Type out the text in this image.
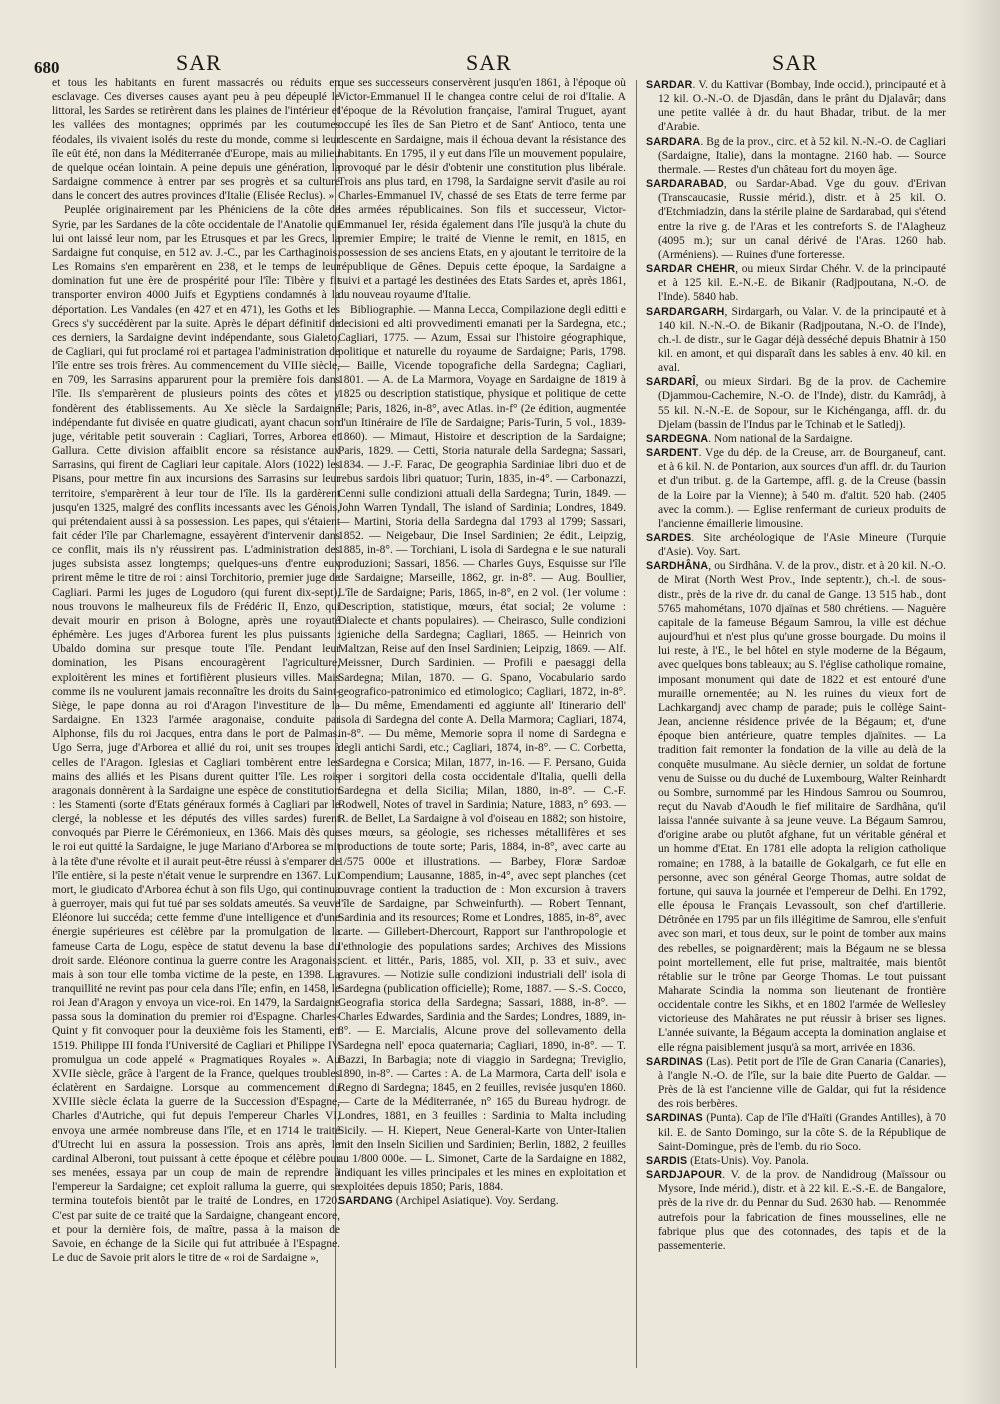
680	SAR	SAR	SAR

et tous les habitants en furent massacrés ou réduits en esclavage. Ces diverses causes ayant peu à peu dépeuplé le littoral, les Sardes se retirèrent dans les plaines de l'intérieur et les vallées des montagnes; opprimés par les coutumes féodales, ils vivaient isolés du reste du monde, comme si leur île eût été, non dans la Méditerranée d'Europe, mais au milieu de quelque océan lointain. A peine depuis une génération, la Sardaigne commence à entrer par ses progrès et sa culture dans le concert des autres provinces d'Italie (Elisée Reclus). »

Peuplée originairement par les Phéniciens de la côte de Syrie, par les Sardanes de la côte occidentale de l'Anatolie qui lui ont laissé leur nom, par les Etrusques et par les Grecs, la Sardaigne fut conquise, en 512 av. J.-C., par les Carthaginois. Les Romains s'en emparèrent en 238, et le temps de leur domination fut une ère de prospérité pour l'île: Tibère y fit transporter environ 4000 Juifs et Egyptiens condamnés à la déportation. Les Vandales (en 427 et en 471), les Goths et les Grecs s'y succédèrent par la suite. Après le départ définitif de ces derniers, la Sardaigne devint indépendante, sous Gialeto, de Cagliari, qui fut proclamé roi et partagea l'administration de l'île entre ses trois frères. Au commencement du VIIIe siècle, en 709, les Sarrasins apparurent pour la première fois dans l'île. Ils s'emparèrent de plusieurs points des côtes et y fondèrent des établissements. Au Xe siècle la Sardaigne indépendante fut divisée en quatre giudicati, ayant chacun son juge, véritable petit souverain : Cagliari, Torres, Arborea et Gallura. Cette division affaiblit encore sa résistance aux Sarrasins, qui firent de Cagliari leur capitale. Alors (1022) les Pisans, pour mettre fin aux incursions des Sarrasins sur leur territoire, s'emparèrent à leur tour de l'île. Ils la gardèrent jusqu'en 1325, malgré des conflits incessants avec les Génois, qui prétendaient aussi à sa possession. Les papes, qui s'étaient fait céder l'île par Charlemagne, essayèrent d'intervenir dans ce conflit, mais ils n'y réussirent pas. L'administration des juges subsista assez longtemps; quelques-uns d'entre eux prirent même le titre de roi : ainsi Torchitorio, premier juge de Cagliari. Parmi les juges de Logudoro (qui furent dix-sept), nous trouvons le malheureux fils de Frédéric II, Enzo, qui devait mourir en prison à Bologne, après une royauté éphémère. Les juges d'Arborea furent les plus puissants : Ubaldo domina sur presque toute l'île. Pendant leur domination, les Pisans encouragèrent l'agriculture, exploitèrent les mines et fortifièrent plusieurs villes. Mais comme ils ne voulurent jamais reconnaître les droits du Saint-Siège, le pape donna au roi d'Aragon l'investiture de la Sardaigne. En 1323 l'armée aragonaise, conduite par Alphonse, fils du roi Jacques, entra dans le port de Palmas. Ugo Serra, juge d'Arborea et allié du roi, unit ses troupes à celles de l'Aragon. Iglesias et Cagliari tombèrent entre les mains des alliés et les Pisans durent quitter l'île. Les rois aragonais donnèrent à la Sardaigne une espèce de constitution : les Stamenti (sorte d'Etats généraux formés à Cagliari par le clergé, la noblesse et les députés des villes sardes) furent convoqués par Pierre le Cérémonieux, en 1366. Mais dès que le roi eut quitté la Sardaigne, le juge Mariano d'Arborea se mit à la tête d'une révolte et il aurait peut-être réussi à s'emparer de l'île entière, si la peste n'était venue le surprendre en 1367. Lui mort, le giudicato d'Arborea échut à son fils Ugo, qui continua à guerroyer, mais qui fut tué par ses soldats ameutés. Sa veuve Eléonore lui succéda; cette femme d'une intelligence et d'une énergie supérieures est célèbre par la promulgation de la fameuse Carta de Logu, espèce de statut devenu la base du droit sarde. Eléonore continua la guerre contre les Aragonais; mais à son tour elle tomba victime de la peste, en 1398. La tranquillité ne revint pas pour cela dans l'île; enfin, en 1458, le roi Jean d'Aragon y envoya un vice-roi. En 1479, la Sardaigne passa sous la domination du premier roi d'Espagne. Charles-Quint y fit convoquer pour la deuxième fois les Stamenti, en 1519. Philippe III fonda l'Université de Cagliari et Philippe IV promulgua un code appelé « Pragmatiques Royales ». Au XVIIe siècle, grâce à l'argent de la France, quelques troubles éclatèrent en Sardaigne. Lorsque au commencement du XVIIIe siècle éclata la guerre de la Succession d'Espagne, Charles d'Autriche, qui fut depuis l'empereur Charles VI, envoya une armée nombreuse dans l'île, et en 1714 le traité d'Utrecht lui en assura la possession. Trois ans après, le cardinal Alberoni, tout puissant à cette époque et célèbre pour ses menées, essaya par un coup de main de reprendre à l'empereur la Sardaigne; cet exploit ralluma la guerre, qui se termina toutefois bientôt par le traité de Londres, en 1720. C'est par suite de ce traité que la Sardaigne, changeant encore, et pour la dernière fois, de maître, passa à la maison de Savoie, en échange de la Sicile qui fut attribuée à l'Espagne. Le duc de Savoie prit alors le titre de « roi de Sardaigne »,

que ses successeurs conservèrent jusqu'en 1861, à l'époque où Victor-Emmanuel II le changea contre celui de roi d'Italie. A l'époque de la Révolution française, l'amiral Truguet, ayant occupé les îles de San Pietro et de Sant' Antioco, tenta une descente en Sardaigne, mais il échoua devant la résistance des habitants. En 1795, il y eut dans l'île un mouvement populaire, provoqué par le désir d'obtenir une constitution plus libérale. Trois ans plus tard, en 1798, la Sardaigne servit d'asile au roi Charles-Emmanuel IV, chassé de ses Etats de terre ferme par les armées républicaines. Son fils et successeur, Victor-Emmanuel Ier, résida également dans l'île jusqu'à la chute du premier Empire; le traité de Vienne le remit, en 1815, en possession de ses anciens Etats, en y ajoutant le territoire de la république de Gênes. Depuis cette époque, la Sardaigne a suivi et a partagé les destinées des Etats Sardes et, après 1861, du nouveau royaume d'Italie.

Bibliographie. — Manna Lecca, Compilazione degli editti e decisioni ed alti provvedimenti emanati per la Sardegna, etc.; Cagliari, 1775. — Azum, Essai sur l'histoire géographique, politique et naturelle du royaume de Sardaigne; Paris, 1798. — Baille, Vicende topografiche della Sardegna; Cagliari, 1801. — A. de La Marmora, Voyage en Sardaigne de 1819 à 1825 ou description statistique, physique et politique de cette île; Paris, 1826, in-8°, avec Atlas. in-f° (2e édition, augmentée d'un Itinéraire de l'île de Sardaigne; Paris-Turin, 5 vol., 1839-1860). — Mimaut, Histoire et description de la Sardaigne; Paris, 1829. — Cetti, Storia naturale della Sardegna; Sassari, 1834. — J.-F. Farac, De geographia Sardiniae libri duo et de rebus sardois libri quatuor; Turin, 1835, in-4°. — Carbonazzi, Cenni sulle condizioni attuali della Sardegna; Turin, 1849. — John Warren Tyndall, The island of Sardinia; Londres, 1849. — Martini, Storia della Sardegna dal 1793 al 1799; Sassari, 1852. — Neigebaur, Die Insel Sardinien; 2e édit., Leipzig, 1885, in-8°. — Torchiani, L isola di Sardegna e le sue naturali produzioni; Sassari, 1856. — Charles Guys, Esquisse sur l'île de Sardaigne; Marseille, 1862, gr. in-8°. — Aug. Boullier, L'île de Sardaigne; Paris, 1865, in-8°, en 2 vol. (1er volume : Description, statistique, mœurs, état social; 2e volume : Dialecte et chants populaires). — Cheirasco, Sulle condizioni igieniche della Sardegna; Cagliari, 1865. — Heinrich von Maltzan, Reise auf den Insel Sardinien; Leipzig, 1869. — Alf. Meissner, Durch Sardinien. — Profili e paesaggi della Sardegna; Milan, 1870. — G. Spano, Vocabulario sardo geografico-patronimico ed etimologico; Cagliari, 1872, in-8°. — Du même, Emendamenti ed aggiunte all' Itinerario dell' isola di Sardegna del conte A. Della Marmora; Cagliari, 1874, in-8°. — Du même, Memorie sopra il nome di Sardegna e degli antichi Sardi, etc.; Cagliari, 1874, in-8°. — C. Corbetta, Sardegna e Corsica; Milan, 1877, in-16. — F. Persano, Guida per i sorgitori della costa occidentale d'Italia, quelli della Sardegna et della Sicilia; Milan, 1880, in-8°. — C.-F. Rodwell, Notes of travel in Sardinia; Nature, 1883, n° 693. — R. de Bellet, La Sardaigne à vol d'oiseau en 1882; son histoire, ses mœurs, sa géologie, ses richesses métallifères et ses productions de toute sorte; Paris, 1884, in-8°, avec carte au 1/575 000e et illustrations. — Barbey, Floræ Sardoæ Compendium; Lausanne, 1885, in-4°, avec sept planches (cet ouvrage contient la traduction de : Mon excursion à travers l'île de Sardaigne, par Schweinfurth). — Robert Tennant, Sardinia and its resources; Rome et Londres, 1885, in-8°, avec carte. — Gillebert-Dhercourt, Rapport sur l'anthropologie et l'ethnologie des populations sardes; Archives des Missions scient. et littér., Paris, 1885, vol. XII, p. 33 et suiv., avec gravures. — Notizie sulle condizioni industriali dell' isola di Sardegna (publication officielle); Rome, 1887. — S.-S. Cocco, Geografia storica della Sardegna; Sassari, 1888, in-8°. — Charles Edwardes, Sardinia and the Sardes; Londres, 1889, in-8°. — E. Marcialis, Alcune prove del sollevamento della Sardegna nell' epoca quaternaria; Cagliari, 1890, in-8°. — T. Bazzi, In Barbagia; note di viaggio in Sardegna; Treviglio, 1890, in-8°. — Cartes : A. de La Marmora, Carta dell' isola e Regno di Sardegna; 1845, en 2 feuilles, revisée jusqu'en 1860. — Carte de la Méditerranée, n° 165 du Bureau hydrogr. de Londres, 1881, en 3 feuilles : Sardinia to Malta including Sicily. — H. Kiepert, Neue General-Karte von Unter-Italien mit den Inseln Sicilien und Sardinien; Berlin, 1882, 2 feuilles au 1/800 000e. — L. Simonet, Carte de la Sardaigne en 1882, indiquant les villes principales et les mines en exploitation et exploitées depuis 1850; Paris, 1884.

SARDANG (Archipel Asiatique). Voy. Serdang.

SARDAR. V. du Kattivar (Bombay, Inde occid.), principauté et à 12 kil. O.-N.-O. de Djasdân, dans le prânt du Djalavâr; dans une petite vallée à dr. du haut Bhadar, tribut. de la mer d'Arabie.

SARDARA. Bg de la prov., circ. et à 52 kil. N.-N.-O. de Cagliari (Sardaigne, Italie), dans la montagne. 2160 hab. — Source thermale. — Restes d'un château fort du moyen âge.

SARDARABAD, ou Sardar-Abad. Vge du gouv. d'Erivan (Transcaucasie, Russie mérid.), distr. et à 25 kil. O. d'Etchmiadzin, dans la stérile plaine de Sardarabad, qui s'étend entre la rive g. de l'Aras et les contreforts S. de l'Alagheuz (4095 m.); sur un canal dérivé de l'Aras. 1260 hab. (Arméniens). — Ruines d'une forteresse.

SARDAR CHEHR, ou mieux Sirdar Chéhr. V. de la principauté et à 125 kil. E.-N.-E. de Bikanir (Radjpoutana, N.-O. de l'Inde). 5840 hab.

SARDARGARH, Sirdargarh, ou Valar. V. de la principauté et à 140 kil. N.-N.-O. de Bikanir (Radjpoutana, N.-O. de l'Inde), ch.-l. de distr., sur le Gagar déjà desséché depuis Bhatnir à 150 kil. en amont, et qui disparaît dans les sables à env. 40 kil. en aval.

SARDARÎ, ou mieux Sirdari. Bg de la prov. de Cachemire (Djammou-Cachemire, N.-O. de l'Inde), distr. du Kamrâdj, à 55 kil. N.-N.-E. de Sopour, sur le Kichénganga, affl. dr. du Djelam (bassin de l'Indus par le Tchinab et le Satledj).

SARDEGNA. Nom national de la Sardaigne.

SARDENT. Vge du dép. de la Creuse, arr. de Bourganeuf, cant. et à 6 kil. N. de Pontarion, aux sources d'un affl. dr. du Taurion et d'un tribut. g. de la Gartempe, affl. g. de la Creuse (bassin de la Loire par la Vienne); à 540 m. d'altit. 520 hab. (2405 avec la comm.). — Eglise renfermant de curieux produits de l'ancienne émaillerie limousine.

SARDES. Site archéologique de l'Asie Mineure (Turquie d'Asie). Voy. Sart.

SARDHÂNA, ou Sirdhâna. V. de la prov., distr. et à 20 kil. N.-O. de Mirat (North West Prov., Inde septentr.), ch.-l. de sous-distr., près de la rive dr. du canal de Gange. 13 515 hab., dont 5765 mahométans, 1070 djaïnas et 580 chrétiens. — Naguère capitale de la fameuse Bégaum Samrou, la ville est déchue aujourd'hui et n'est plus qu'une grosse bourgade. Du moins il lui reste, à l'E., le bel hôtel en style moderne de la Bégaum, avec quelques bons tableaux; au S. l'église catholique romaine, imposant monument qui date de 1822 et est entouré d'une muraille ornementée; au N. les ruines du vieux fort de Lachkargandj avec champ de parade; puis le collège Saint-Jean, ancienne résidence privée de la Bégaum; et, d'une époque bien antérieure, quatre temples djaïnites. — La tradition fait remonter la fondation de la ville au delà de la conquête musulmane. Au siècle dernier, un soldat de fortune venu de Suisse ou du duché de Luxembourg, Walter Reinhardt ou Sombre, surnommé par les Hindous Samrou ou Soumrou, reçut du Navab d'Aoudh le fief militaire de Sardhâna, qu'il laissa l'année suivante à sa jeune veuve. La Bégaum Samrou, d'origine arabe ou plutôt afghane, fut un véritable général et un homme d'Etat. En 1781 elle adopta la religion catholique romaine; en 1788, à la bataille de Gokalgarh, ce fut elle en personne, avec son général George Thomas, autre soldat de fortune, qui sauva la journée et l'empereur de Delhi. En 1792, elle épousa le Français Levassoult, son chef d'artillerie. Détrônée en 1795 par un fils illégitime de Samrou, elle s'enfuit avec son mari, et tous deux, sur le point de tomber aux mains des rebelles, se poignardèrent; mais la Bégaum ne se blessa point mortellement, elle fut prise, maltraitée, mais bientôt rétablie sur le trône par George Thomas. Le tout puissant Maharate Scindia la nomma son lieutenant de frontière occidentale contre les Sikhs, et en 1802 l'armée de Wellesley victorieuse des Mahârates ne put réussir à briser ses lignes. L'année suivante, la Bégaum accepta la domination anglaise et elle régna paisiblement jusqu'à sa mort, arrivée en 1836.

SARDINAS (Las). Petit port de l'île de Gran Canaria (Canaries), à l'angle N.-O. de l'île, sur la baie dite Puerto de Galdar. — Près de là est l'ancienne ville de Galdar, qui fut la résidence des rois berbères.

SARDINAS (Punta). Cap de l'île d'Haïti (Grandes Antilles), à 70 kil. E. de Santo Domingo, sur la côte S. de la République de Saint-Domingue, près de l'emb. du rio Soco.

SARDIS (Etats-Unis). Voy. Panola.

SARDJAPOUR. V. de la prov. de Nandidroug (Maïssour ou Mysore, Inde mérid.), distr. et à 22 kil. E.-S.-E. de Bangalore, près de la rive dr. du Pennar du Sud. 2630 hab. — Renommée autrefois pour la fabrication de fines mousselines, elle ne fabrique plus que des cotonnades, des tapis et de la passementerie.
